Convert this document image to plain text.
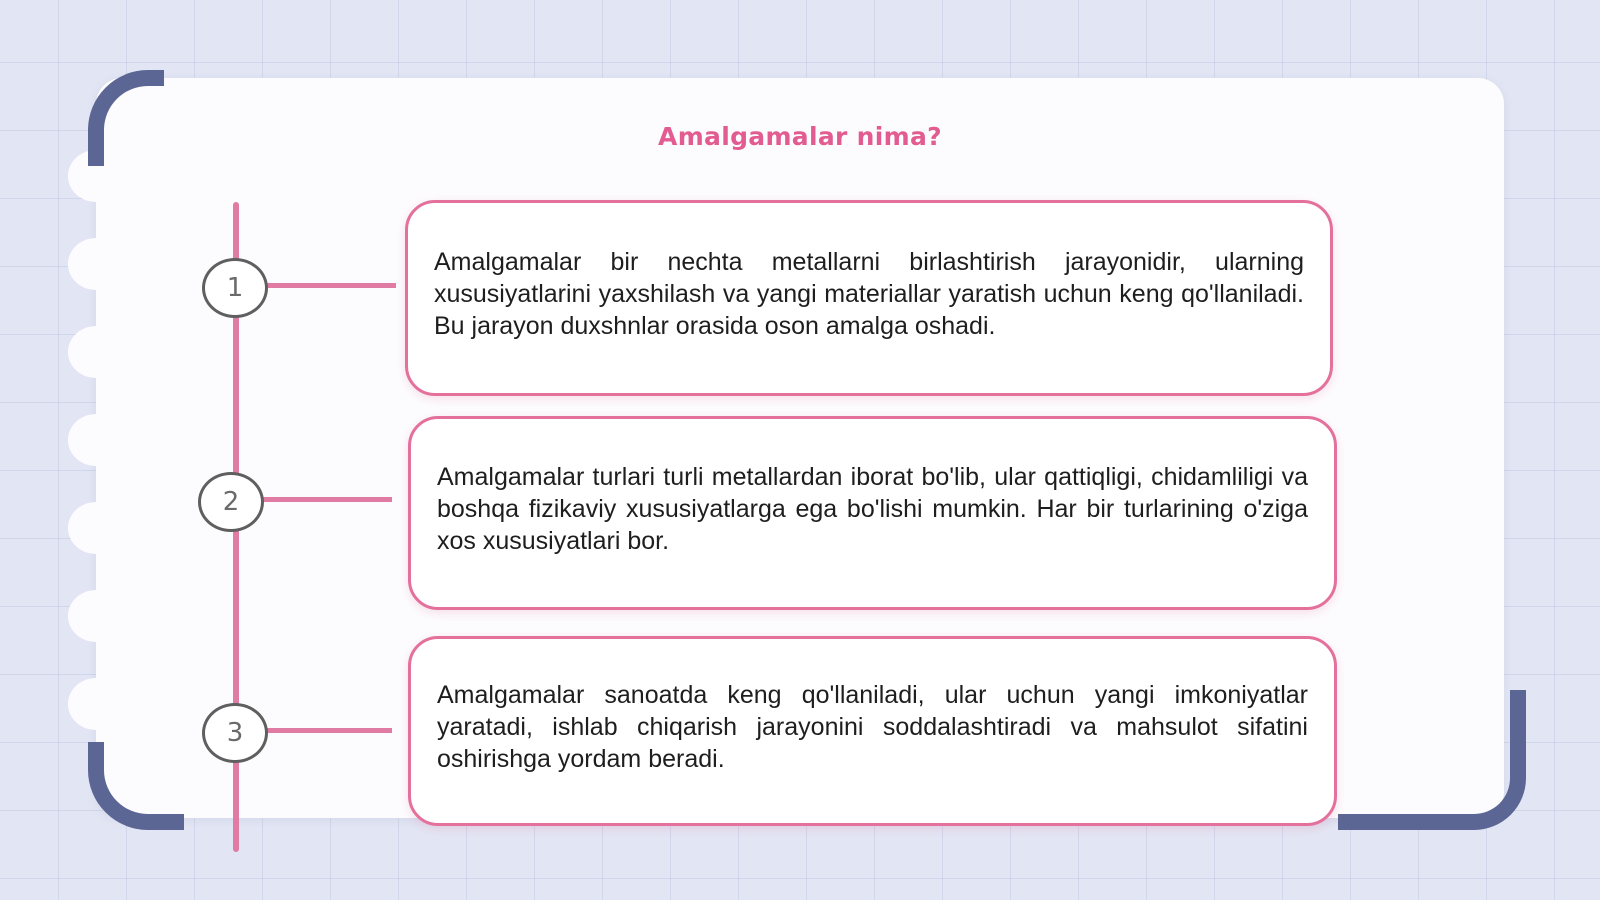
Amalgamalar nima?
1

Amalgamalar bir nechta metallarni birlashtirish jarayonidir, ularning xususiyatlarini yaxshilash va yangi materiallar yaratish uchun keng qo'llaniladi. Bu jarayon duxshnlar orasida oson amalga oshadi.

2

Amalgamalar turlari turli metallardan iborat bo'lib, ular qattiqligi, chidamliligi va boshqa fizikaviy xususiyatlarga ega bo'lishi mumkin. Har bir turlarining o'ziga xos xususiyatlari bor.

3

Amalgamalar sanoatda keng qo'llaniladi, ular uchun yangi imkoniyatlar yaratadi, ishlab chiqarish jarayonini soddalashtiradi va mahsulot sifatini oshirishga yordam beradi.
